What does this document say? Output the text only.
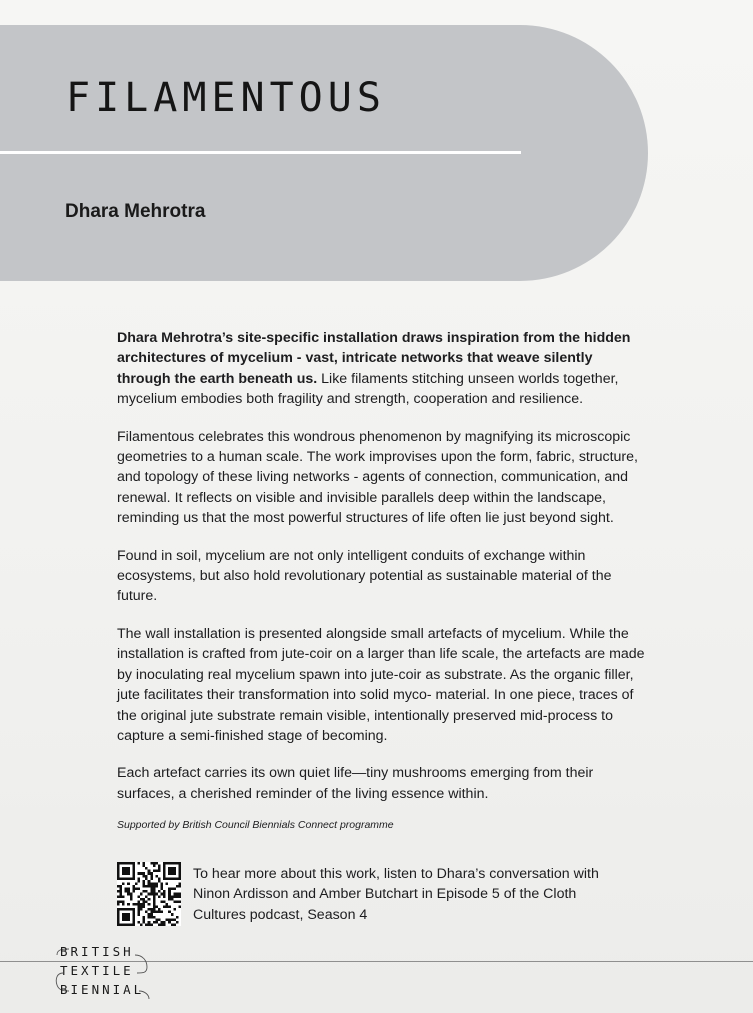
FILAMENTOUS
Dhara Mehrotra

Dhara Mehrotra’s site-specific installation draws inspiration from the hidden architectures of mycelium - vast, intricate networks that weave silently through the earth beneath us. Like filaments stitching unseen worlds together, mycelium embodies both fragility and strength, cooperation and resilience.

Filamentous celebrates this wondrous phenomenon by magnifying its microscopic geometries to a human scale. The work improvises upon the form, fabric, structure, and topology of these living networks - agents of connection, communication, and renewal. It reflects on visible and invisible parallels deep within the landscape, reminding us that the most powerful structures of life often lie just beyond sight.

Found in soil, mycelium are not only intelligent conduits of exchange within ecosystems, but also hold revolutionary potential as sustainable material of the future.

The wall installation is presented alongside small artefacts of mycelium. While the installation is crafted from jute-coir on a larger than life scale, the artefacts are made by inoculating real mycelium spawn into jute-coir as substrate. As the organic filler, jute facilitates their transformation into solid myco- material. In one piece, traces of the original jute substrate remain visible, intentionally preserved mid-process to capture a semi-finished stage of becoming.

Each artefact carries its own quiet life—tiny mushrooms emerging from their surfaces, a cherished reminder of the living essence within.

Supported by British Council Biennials Connect programme

To hear more about this work, listen to Dhara’s conversation with Ninon Ardisson and Amber Butchart in Episode 5 of the Cloth Cultures podcast, Season 4

BRITISH
TEXTILE
BIENNIAL
